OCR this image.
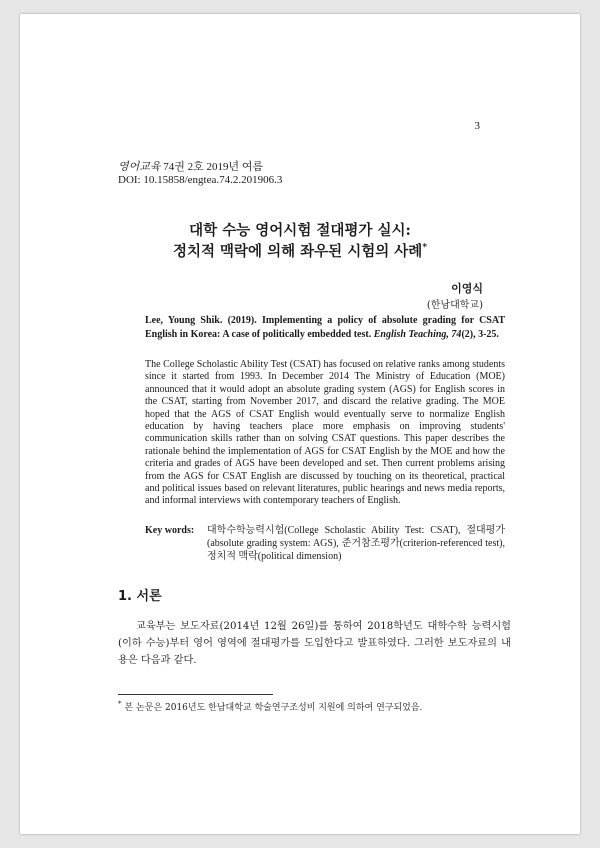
3
영어교육 74권 2호 2019년 여름
DOI: 10.15858/engtea.74.2.201906.3
대학 수능 영어시험 절대평가 실시:
정치적 맥락에 의해 좌우된 시험의 사례*
이영식
(한남대학교)
Lee, Young Shik. (2019). Implementing a policy of absolute grading for CSAT English in Korea: A case of politically embedded test. English Teaching, 74(2), 3-25.
The College Scholastic Ability Test (CSAT) has focused on relative ranks among students since it started from 1993. In December 2014 The Ministry of Education (MOE) announced that it would adopt an absolute grading system (AGS) for English scores in the CSAT, starting from November 2017, and discard the relative grading. The MOE hoped that the AGS of CSAT English would eventually serve to normalize English education by having teachers place more emphasis on improving students' communication skills rather than on solving CSAT questions. This paper describes the rationale behind the implementation of AGS for CSAT English by the MOE and how the criteria and grades of AGS have been developed and set. Then current problems arising from the AGS for CSAT English are discussed by touching on its theoretical, practical and political issues based on relevant literatures, public hearings and news media reports, and informal interviews with contemporary teachers of English.
Key words: 대학수학능력시험(College Scholastic Ability Test: CSAT), 절대평가(absolute grading system: AGS), 준거참조평가(criterion-referenced test), 정치적 맥락(political dimension)
1. 서론
교육부는 보도자료(2014년 12월 26일)를 통하여 2018학년도 대학수학 능력시험(이하 수능)부터 영어 영역에 절대평가를 도입한다고 발표하였다. 그러한 보도자료의 내용은 다음과 같다.
* 본 논문은 2016년도 한남대학교 학술연구조성비 지원에 의하여 연구되었음.
